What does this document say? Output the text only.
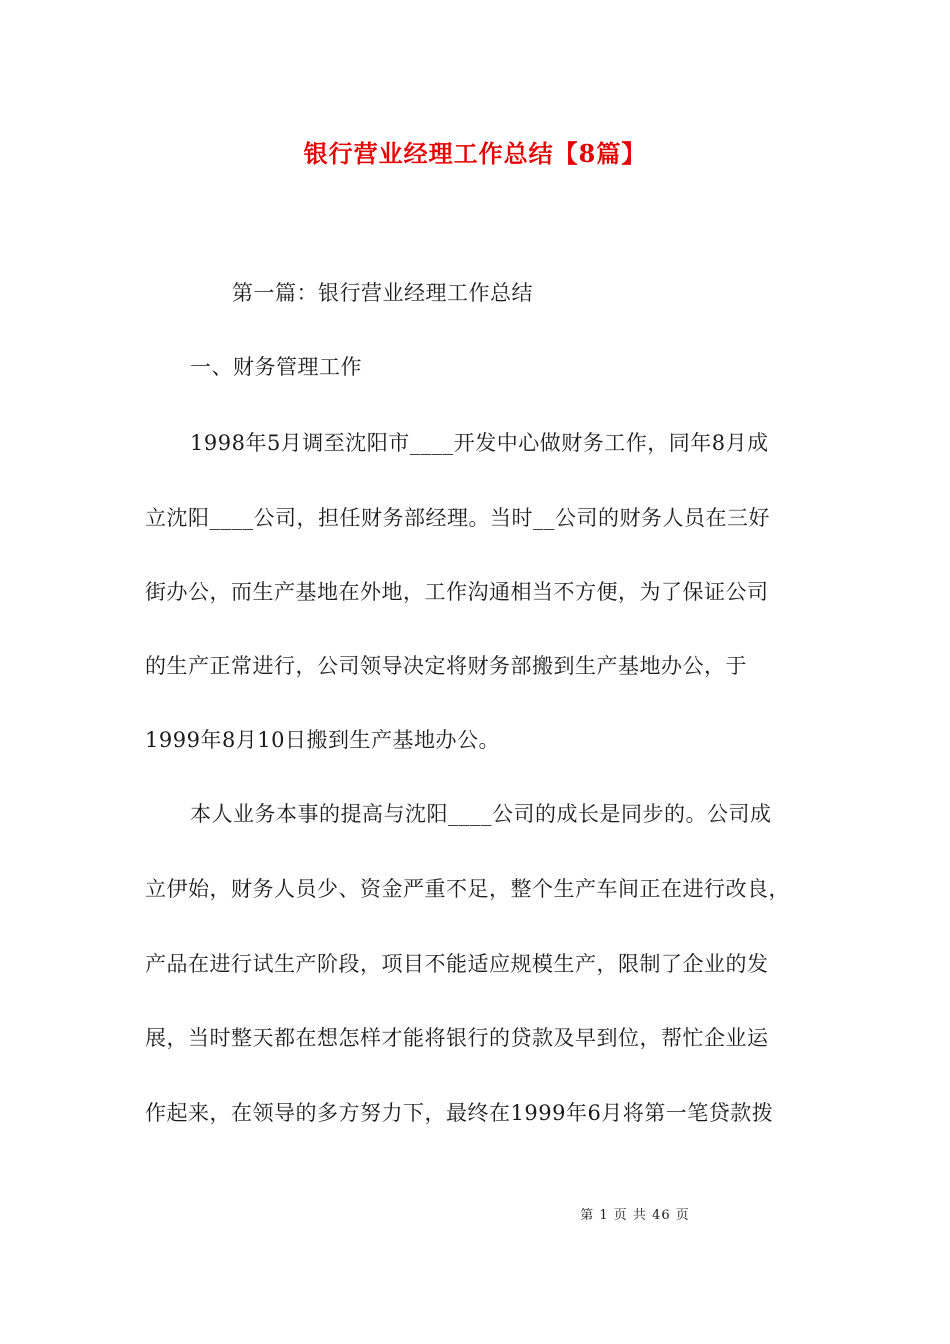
银行营业经理工作总结【8篇】
第一篇：银行营业经理工作总结
一、财务管理工作
1998年5月调至沈阳市____开发中心做财务工作，同年8月成
立沈阳____公司，担任财务部经理。当时__公司的财务人员在三好
街办公，而生产基地在外地，工作沟通相当不方便，为了保证公司
的生产正常进行，公司领导决定将财务部搬到生产基地办公，于
1999年8月10日搬到生产基地办公。
本人业务本事的提高与沈阳____公司的成长是同步的。公司成
立伊始，财务人员少、资金严重不足，整个生产车间正在进行改良，
产品在进行试生产阶段，项目不能适应规模生产，限制了企业的发
展，当时整天都在想怎样才能将银行的贷款及早到位，帮忙企业运
作起来，在领导的多方努力下，最终在1999年6月将第一笔贷款拨
第 1 页 共 46 页
